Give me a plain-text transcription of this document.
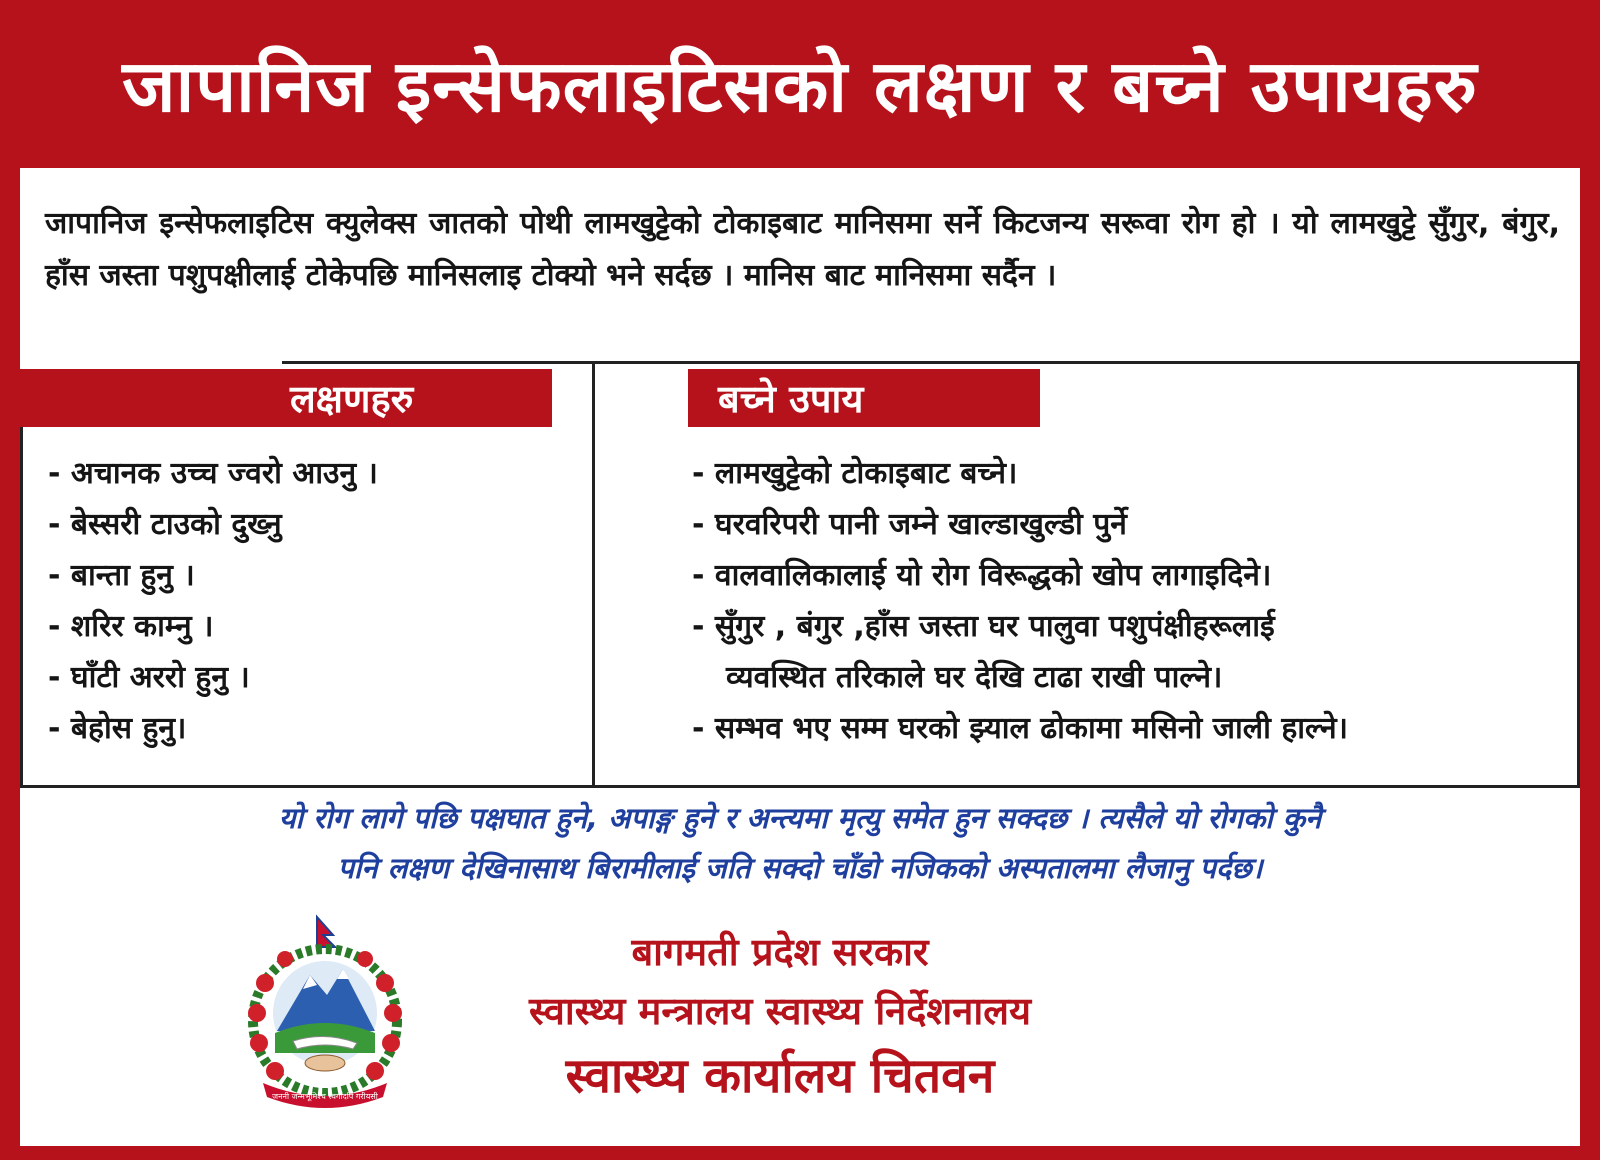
जापानिज इन्सेफलाइटिसको लक्षण र बच्ने उपायहरु
जापानिज इन्सेफलाइटिस क्युलेक्स जातको पोथी लामखुट्टेको टोकाइबाट मानिसमा सर्ने किटजन्य सरूवा रोग हो । यो लामखुट्टे सुँगुर, बंगुर, हाँस जस्ता पशुपक्षीलाई टोकेपछि मानिसलाइ टोक्यो भने सर्दछ । मानिस बाट मानिसमा सर्दैन ।
लक्षणहरु	बच्ने उपाय
- अचानक उच्च ज्वरो आउनु ।
- बेस्सरी टाउको दुख्नु
- बान्ता हुनु ।
- शरिर काम्नु ।
- घाँटी अररो हुनु ।
- बेहोस हुनु।
- लामखुट्टेको टोकाइबाट बच्ने।
- घरवरिपरी पानी जम्ने खाल्डाखुल्डी पुर्ने
- वालवालिकालाई यो रोग विरूद्धको खोप लागाइदिने।
- सुँगुर , बंगुर ,हाँस जस्ता घर पालुवा पशुपंक्षीहरूलाई
व्यवस्थित तरिकाले घर देखि टाढा राखी पाल्ने।
- सम्भव भए सम्म घरको झ्याल ढोकामा मसिनो जाली हाल्ने।
यो रोग लागे पछि पक्षघात हुने, अपाङ्ग हुने र अन्त्यमा मृत्यु समेत हुन सक्दछ । त्यसैले यो रोगको कुनै
पनि लक्षण देखिनासाथ बिरामीलाई जति सक्दो चाँडो नजिकको अस्पतालमा लैजानु पर्दछ।
जननी जन्मभूमिश्च स्वर्गादपि गरीयसी
बागमती प्रदेश सरकार
स्वास्थ्य मन्त्रालय स्वास्थ्य निर्देशनालय
स्वास्थ्य कार्यालय चितवन
